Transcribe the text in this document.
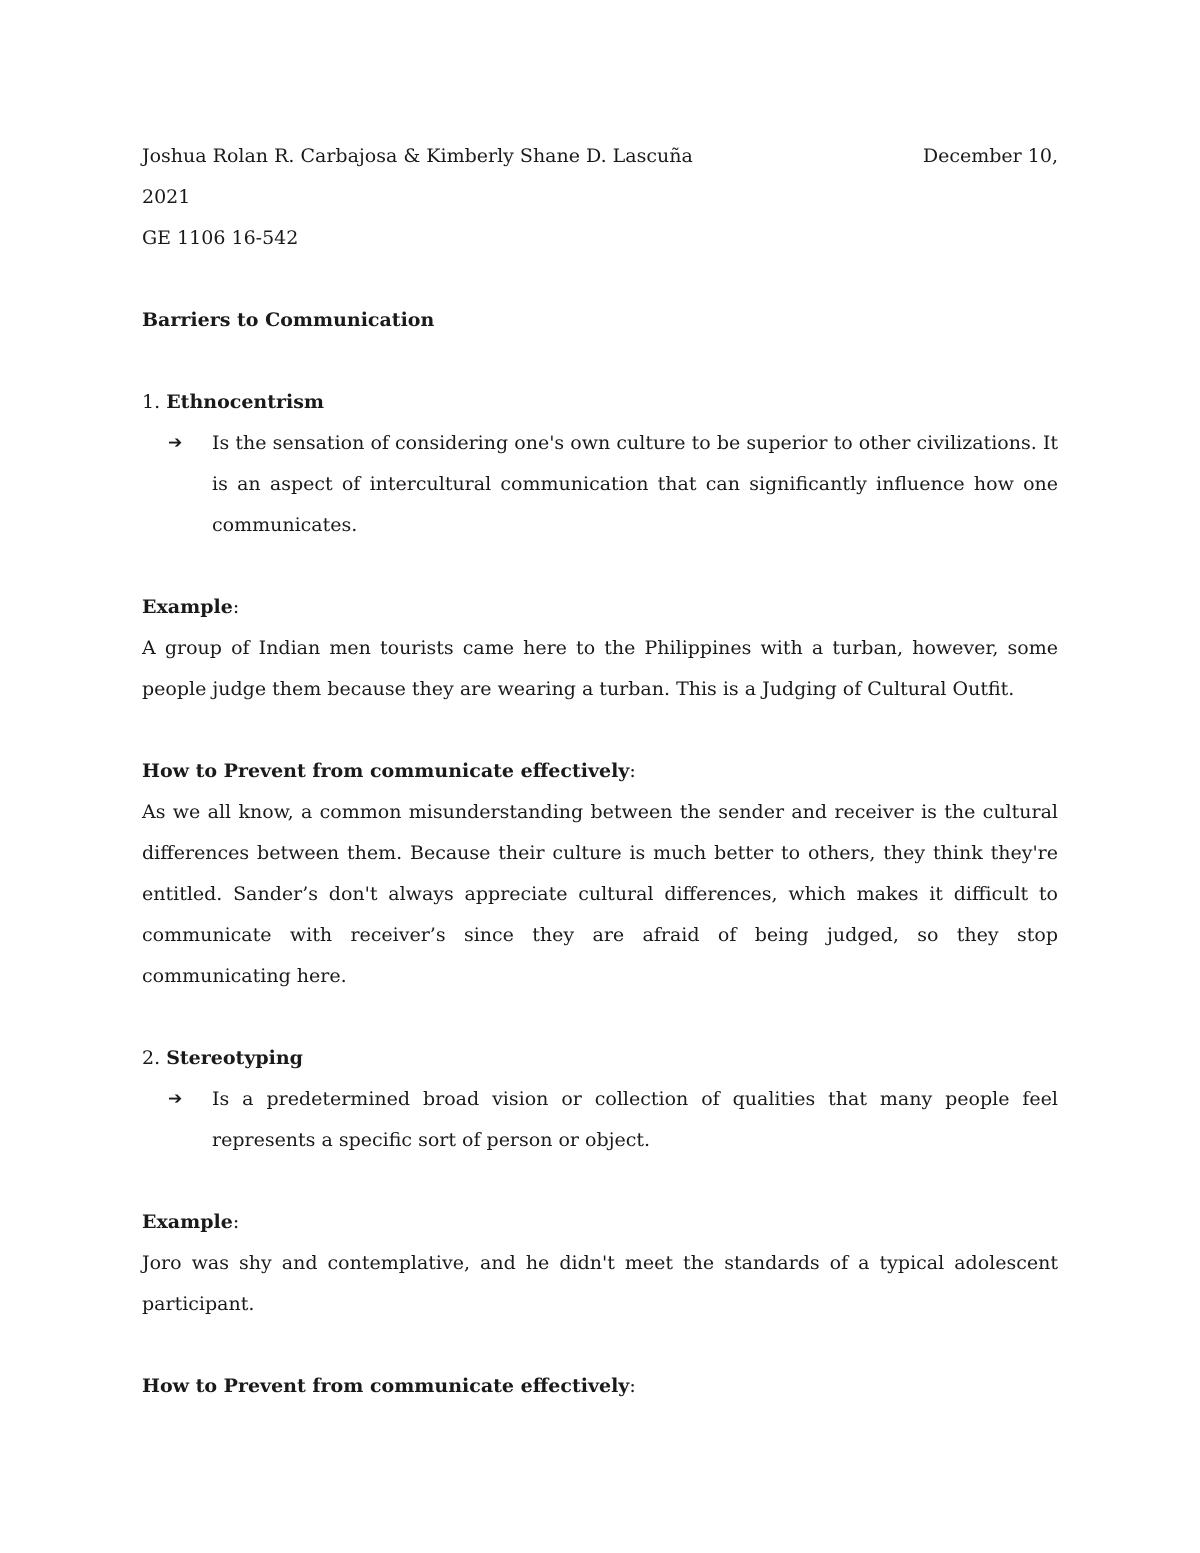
Joshua Rolan R. Carbajosa & Kimberly Shane D. Lascuña	December 10,
2021
GE 1106 16-542
Barriers to Communication
1. Ethnocentrism
➔	Is the sensation of considering one's own culture to be superior to other civilizations. It is an aspect of intercultural communication that can significantly influence how one communicates.

Example:

A group of Indian men tourists came here to the Philippines with a turban, however, some people judge them because they are wearing a turban. This is a Judging of Cultural Outfit.

How to Prevent from communicate effectively:

As we all know, a common misunderstanding between the sender and receiver is the cultural differences between them. Because their culture is much better to others, they think they're entitled. Sander’s don't always appreciate cultural differences, which makes it difficult to communicate with receiver’s since they are afraid of being judged, so they stop communicating here.

2. Stereotyping
➔	Is a predetermined broad vision or collection of qualities that many people feel represents a specific sort of person or object.

Example:

Joro was shy and contemplative, and he didn't meet the standards of a typical adolescent participant.

How to Prevent from communicate effectively:
